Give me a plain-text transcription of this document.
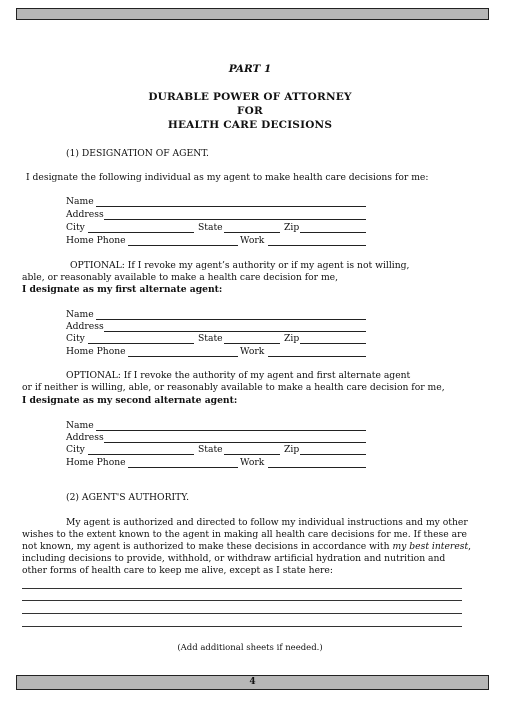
PART 1
DURABLE POWER OF ATTORNEY
FOR
HEALTH CARE DECISIONS
(1) DESIGNATION OF AGENT.
I designate the following individual as my agent to make health care decisions for me:
Name
Address
City	State	Zip
Home Phone	Work
OPTIONAL: If I revoke my agent’s authority or if my agent is not willing,
able, or reasonably available to make a health care decision for me,
I designate as my first alternate agent:
Name
Address
City	State	Zip
Home Phone	Work
OPTIONAL: If I revoke the authority of my agent and first alternate agent
or if neither is willing, able, or reasonably available to make a health care decision for me,
I designate as my second alternate agent:
Name
Address
City	State	Zip
Home Phone	Work
(2) AGENT'S AUTHORITY.
My agent is authorized and directed to follow my individual instructions and my other
wishes to the extent known to the agent in making all health care decisions for me. If these are
not known, my agent is authorized to make these decisions in accordance with my best interest,
including decisions to provide, withhold, or withdraw artificial hydration and nutrition and
other forms of health care to keep me alive, except as I state here:
(Add additional sheets if needed.)
4
